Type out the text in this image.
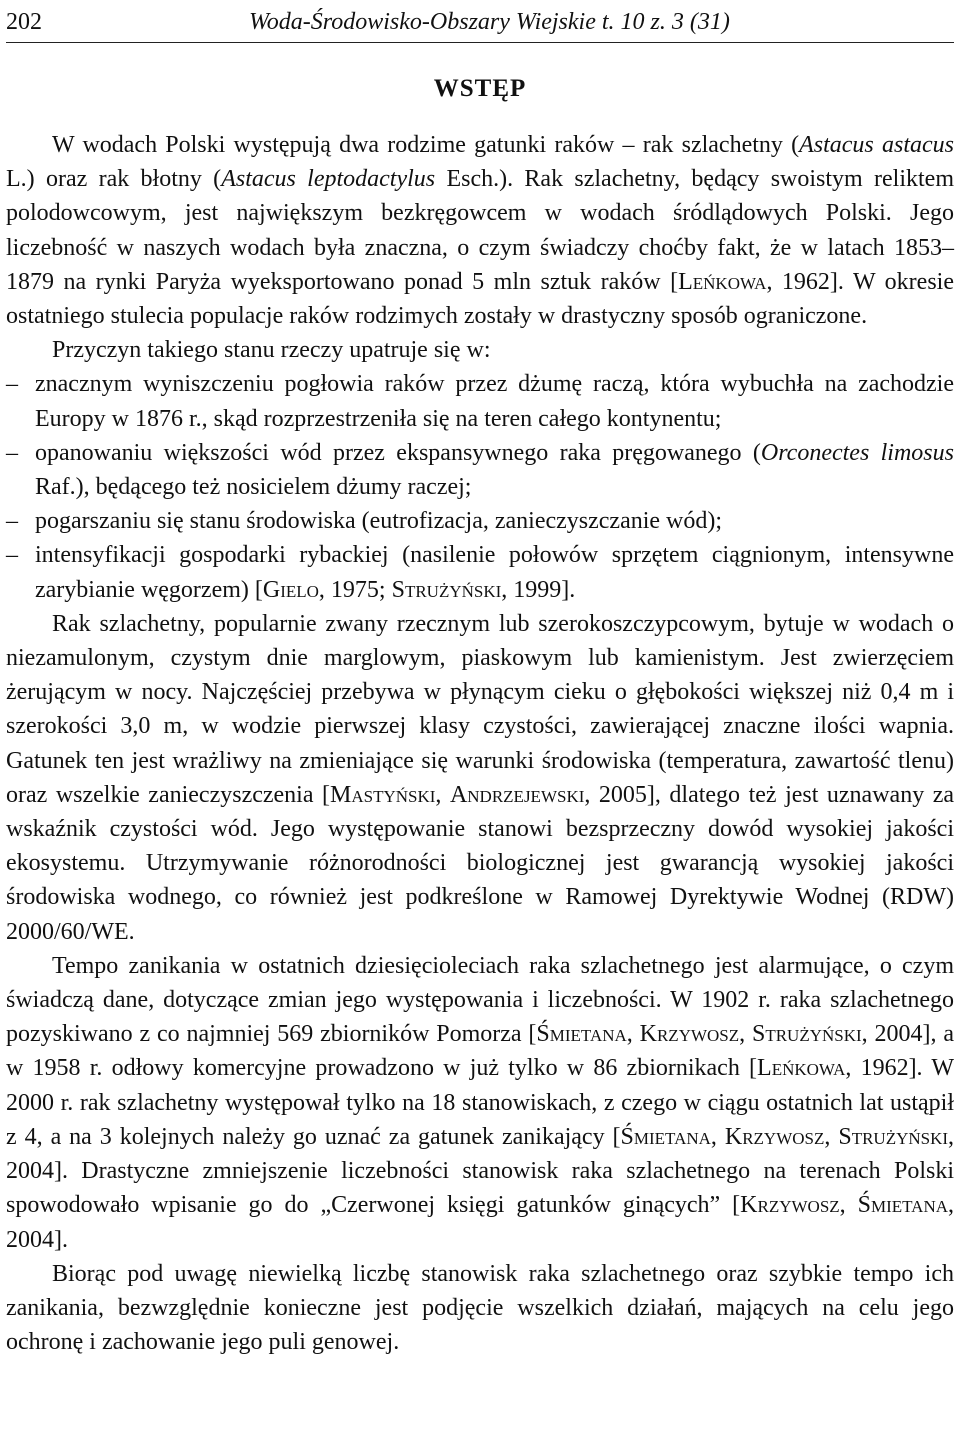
202	Woda-Środowisko-Obszary Wiejskie t. 10 z. 3 (31)
WSTĘP

W wodach Polski występują dwa rodzime gatunki raków – rak szlachetny (Astacus astacus L.) oraz rak błotny (Astacus leptodactylus Esch.). Rak szlachetny, będący swoistym reliktem polodowcowym, jest największym bezkręgowcem w wodach śródlądowych Polski. Jego liczebność w naszych wodach była znaczna, o czym świadczy choćby fakt, że w latach 1853–1879 na rynki Paryża wyeksportowano ponad 5 mln sztuk raków [Leńkowa, 1962]. W okresie ostatniego stulecia populacje raków rodzimych zostały w drastyczny sposób ograniczone.

Przyczyn takiego stanu rzeczy upatruje się w:

– znacznym wyniszczeniu pogłowia raków przez dżumę raczą, która wybuchła na zachodzie Europy w 1876 r., skąd rozprzestrzeniła się na teren całego kontynentu;
– opanowaniu większości wód przez ekspansywnego raka pręgowanego (Orconectes limosus Raf.), będącego też nosicielem dżumy raczej;
– pogarszaniu się stanu środowiska (eutrofizacja, zanieczyszczanie wód);
– intensyfikacji gospodarki rybackiej (nasilenie połowów sprzętem ciągnionym, intensywne zarybianie węgorzem) [Gielo, 1975; Strużyński, 1999].

Rak szlachetny, popularnie zwany rzecznym lub szerokoszczypcowym, bytuje w wodach o niezamulonym, czystym dnie marglowym, piaskowym lub kamienistym. Jest zwierzęciem żerującym w nocy. Najczęściej przebywa w płynącym cieku o głębokości większej niż 0,4 m i szerokości 3,0 m, w wodzie pierwszej klasy czystości, zawierającej znaczne ilości wapnia. Gatunek ten jest wrażliwy na zmieniające się warunki środowiska (temperatura, zawartość tlenu) oraz wszelkie zanieczyszczenia [Mastyński, Andrzejewski, 2005], dlatego też jest uznawany za wskaźnik czystości wód. Jego występowanie stanowi bezsprzeczny dowód wysokiej jakości ekosystemu. Utrzymywanie różnorodności biologicznej jest gwarancją wysokiej jakości środowiska wodnego, co również jest podkreślone w Ramowej Dyrektywie Wodnej (RDW) 2000/60/WE.

Tempo zanikania w ostatnich dziesięcioleciach raka szlachetnego jest alarmujące, o czym świadczą dane, dotyczące zmian jego występowania i liczebności. W 1902 r. raka szlachetnego pozyskiwano z co najmniej 569 zbiorników Pomorza [Śmietana, Krzywosz, Strużyński, 2004], a w 1958 r. odłowy komercyjne prowadzono w już tylko w 86 zbiornikach [Leńkowa, 1962]. W 2000 r. rak szlachetny występował tylko na 18 stanowiskach, z czego w ciągu ostatnich lat ustąpił z 4, a na 3 kolejnych należy go uznać za gatunek zanikający [Śmietana, Krzywosz, Strużyński, 2004]. Drastyczne zmniejszenie liczebności stanowisk raka szlachetnego na terenach Polski spowodowało wpisanie go do „Czerwonej księgi gatunków ginących” [Krzywosz, Śmietana, 2004].

Biorąc pod uwagę niewielką liczbę stanowisk raka szlachetnego oraz szybkie tempo ich zanikania, bezwzględnie konieczne jest podjęcie wszelkich działań, mających na celu jego ochronę i zachowanie jego puli genowej.
